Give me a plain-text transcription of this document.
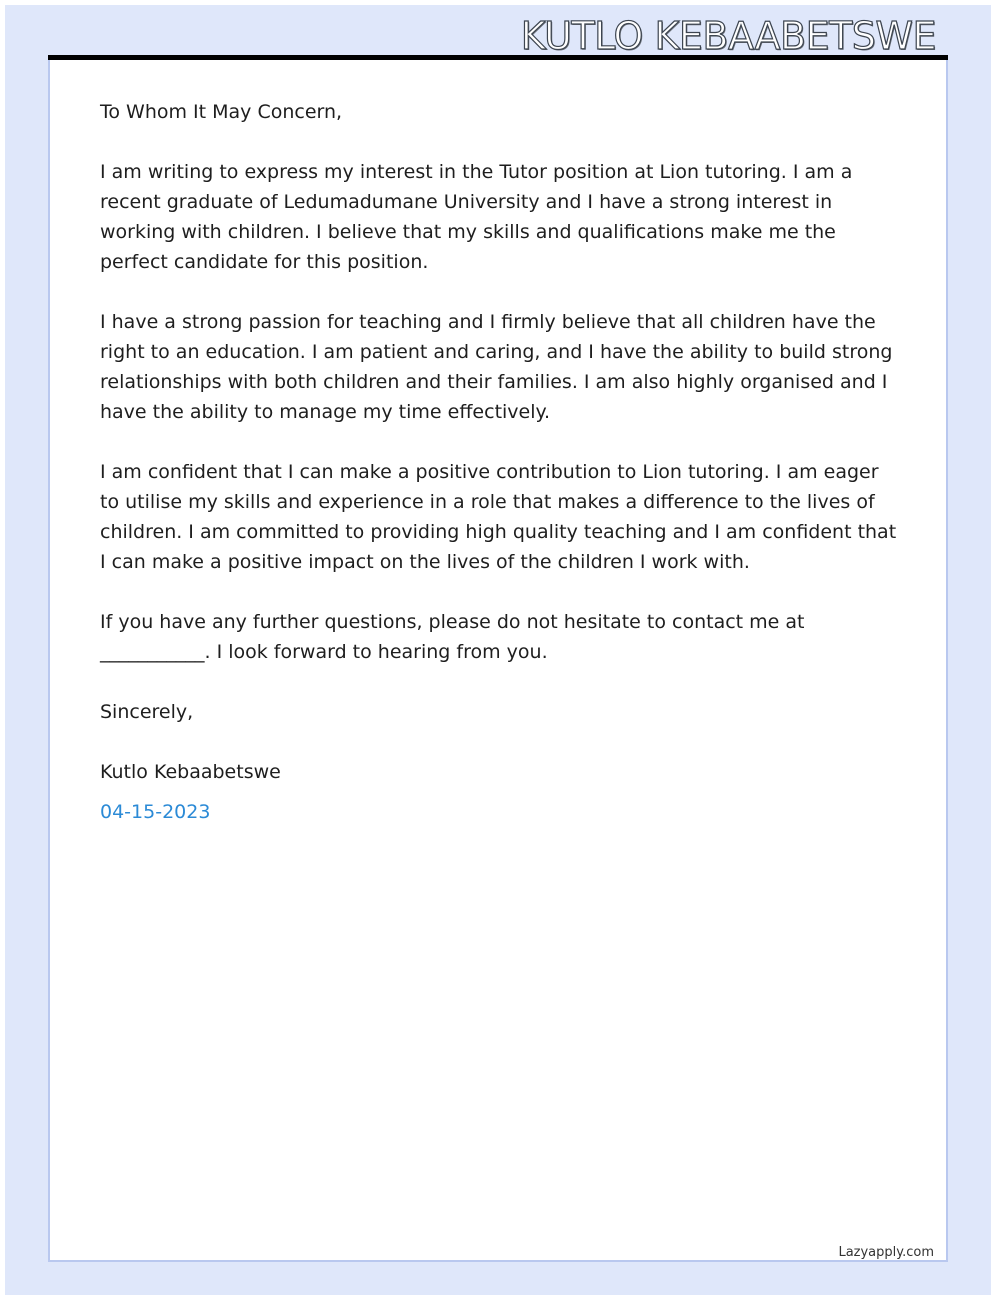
KUTLO KEBAABETSWE

To Whom It May Concern,

I am writing to express my interest in the Tutor position at Lion tutoring. I am a recent graduate of Ledumadumane University and I have a strong interest in working with children. I believe that my skills and qualifications make me the perfect candidate for this position.

I have a strong passion for teaching and I firmly believe that all children have the right to an education. I am patient and caring, and I have the ability to build strong relationships with both children and their families. I am also highly organised and I have the ability to manage my time effectively.

I am confident that I can make a positive contribution to Lion tutoring. I am eager to utilise my skills and experience in a role that makes a difference to the lives of children. I am committed to providing high quality teaching and I am confident that I can make a positive impact on the lives of the children I work with.

If you have any further questions, please do not hesitate to contact me at ___________. I look forward to hearing from you.

Sincerely,

Kutlo Kebaabetswe

04-15-2023

Lazyapply.com
